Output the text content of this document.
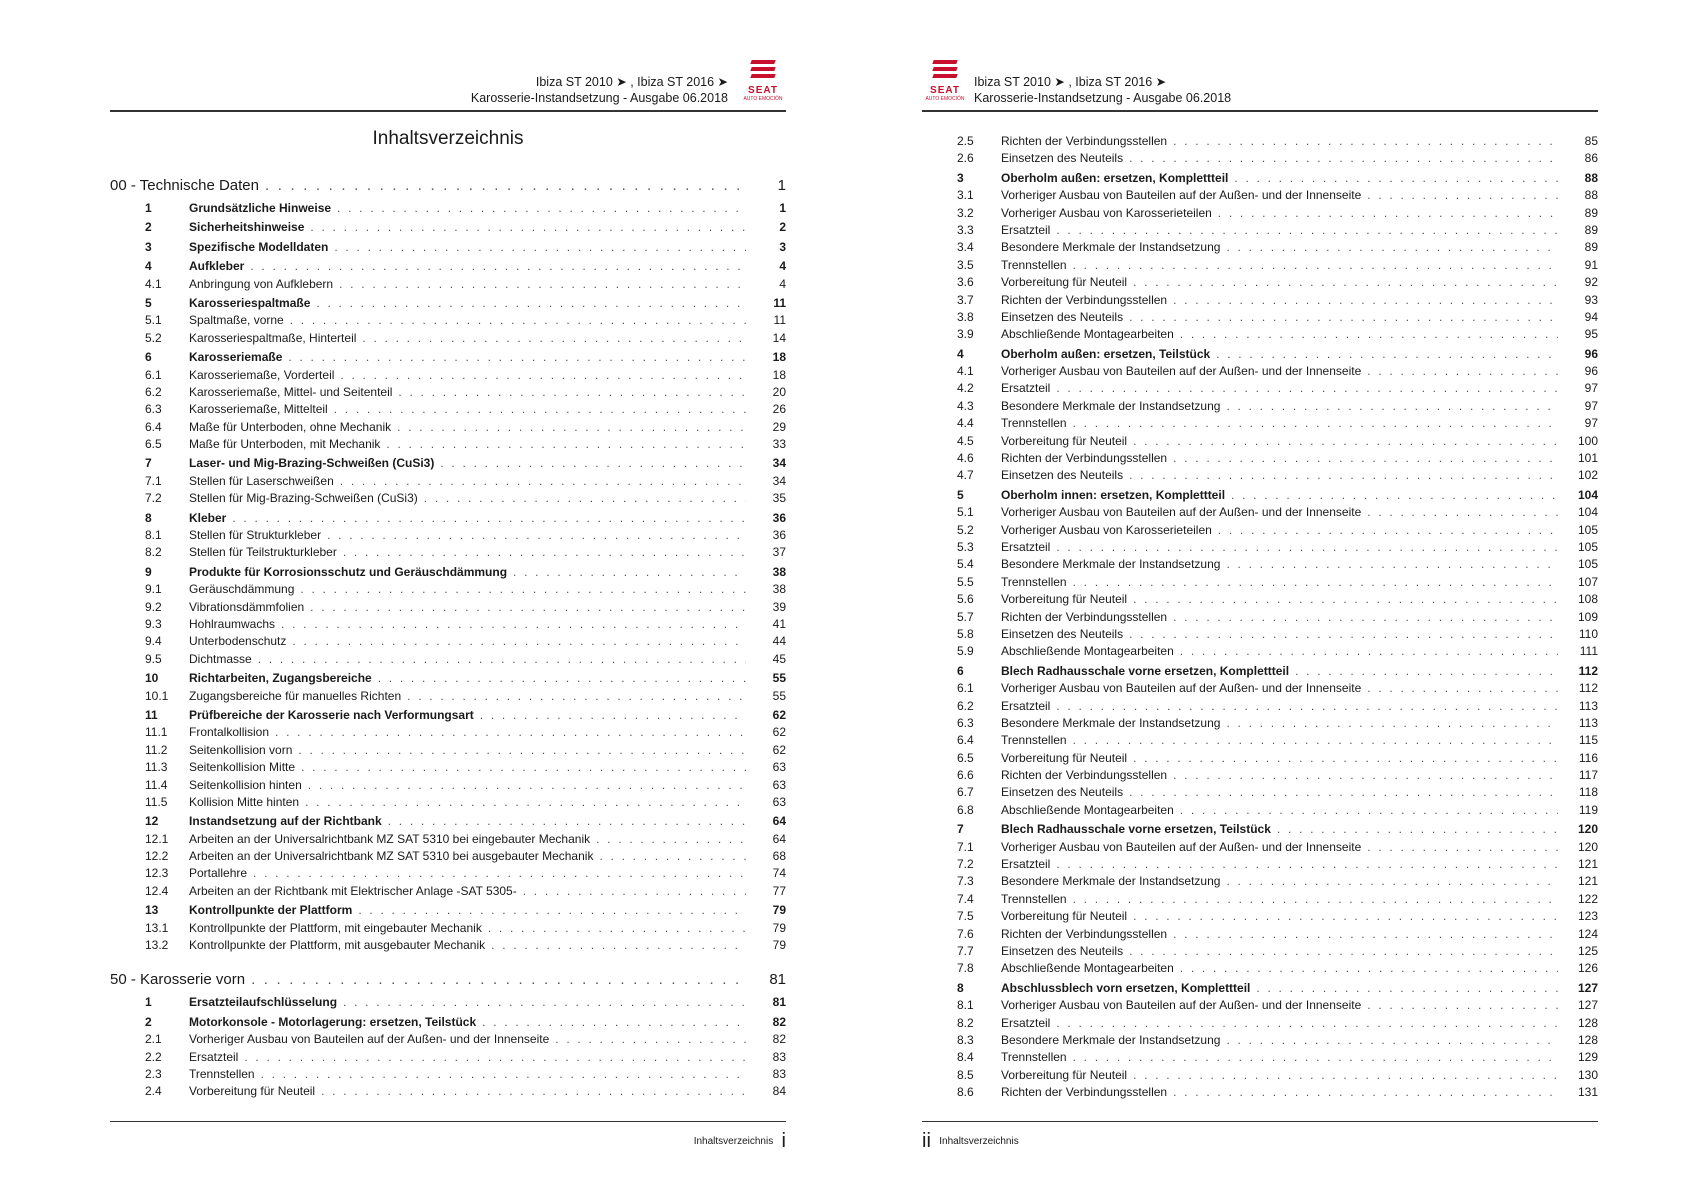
Ibiza ST 2010 ➤ , Ibiza ST 2016 ➤
Karosserie-Instandsetzung - Ausgabe 06.2018
SEAT
AUTO EMOCIÓN
Inhaltsverzeichnis
00 - Technische Daten . . .	1
1	Grundsätzliche Hinweise . . .	1
2	Sicherheitshinweise . . .	2
3	Spezifische Modelldaten . . .	3
4	Aufkleber . . .	4
4.1	Anbringung von Aufklebern . . .	4
5	Karosseriespaltmaße . . .	11
5.1	Spaltmaße, vorne . . .	11
5.2	Karosseriespaltmaße, Hinterteil . . .	14
6	Karosseriemaße . . .	18
6.1	Karosseriemaße, Vorderteil . . .	18
6.2	Karosseriemaße, Mittel- und Seitenteil . . .	20
6.3	Karosseriemaße, Mittelteil . . .	26
6.4	Maße für Unterboden, ohne Mechanik . . .	29
6.5	Maße für Unterboden, mit Mechanik . . .	33
7	Laser- und Mig-Brazing-Schweißen (CuSi3) . . .	34
7.1	Stellen für Laserschweißen . . .	34
7.2	Stellen für Mig-Brazing-Schweißen (CuSi3) . . .	35
8	Kleber . . .	36
8.1	Stellen für Strukturkleber . . .	36
8.2	Stellen für Teilstrukturkleber . . .	37
9	Produkte für Korrosionsschutz und Geräuschdämmung . . .	38
9.1	Geräuschdämmung . . .	38
9.2	Vibrationsdämmfolien . . .	39
9.3	Hohlraumwachs . . .	41
9.4	Unterbodenschutz . . .	44
9.5	Dichtmasse . . .	45
10	Richtarbeiten, Zugangsbereiche . . .	55
10.1	Zugangsbereiche für manuelles Richten . . .	55
11	Prüfbereiche der Karosserie nach Verformungsart . . .	62
11.1	Frontalkollision . . .	62
11.2	Seitenkollision vorn . . .	62
11.3	Seitenkollision Mitte . . .	63
11.4	Seitenkollision hinten . . .	63
11.5	Kollision Mitte hinten . . .	63
12	Instandsetzung auf der Richtbank . . .	64
12.1	Arbeiten an der Universalrichtbank MZ SAT 5310 bei eingebauter Mechanik . . .	64
12.2	Arbeiten an der Universalrichtbank MZ SAT 5310 bei ausgebauter Mechanik . . .	68
12.3	Portallehre . . .	74
12.4	Arbeiten an der Richtbank mit Elektrischer Anlage -SAT 5305- . . .	77
13	Kontrollpunkte der Plattform . . .	79
13.1	Kontrollpunkte der Plattform, mit eingebauter Mechanik . . .	79
13.2	Kontrollpunkte der Plattform, mit ausgebauter Mechanik . . .	79
50 - Karosserie vorn . . .	81
1	Ersatzteilaufschlüsselung . . .	81
2	Motorkonsole - Motorlagerung: ersetzen, Teilstück . . .	82
2.1	Vorheriger Ausbau von Bauteilen auf der Außen- und der Innenseite . . .	82
2.2	Ersatzteil . . .	83
2.3	Trennstellen . . .	83
2.4	Vorbereitung für Neuteil . . .	84
Inhaltsverzeichnis i
SEAT
AUTO EMOCIÓN
Ibiza ST 2010 ➤ , Ibiza ST 2016 ➤
Karosserie-Instandsetzung - Ausgabe 06.2018
2.5	Richten der Verbindungsstellen . . .	85
2.6	Einsetzen des Neuteils . . .	86
3	Oberholm außen: ersetzen, Komplettteil . . .	88
3.1	Vorheriger Ausbau von Bauteilen auf der Außen- und der Innenseite . . .	88
3.2	Vorheriger Ausbau von Karosserieteilen . . .	89
3.3	Ersatzteil . . .	89
3.4	Besondere Merkmale der Instandsetzung . . .	89
3.5	Trennstellen . . .	91
3.6	Vorbereitung für Neuteil . . .	92
3.7	Richten der Verbindungsstellen . . .	93
3.8	Einsetzen des Neuteils . . .	94
3.9	Abschließende Montagearbeiten . . .	95
4	Oberholm außen: ersetzen, Teilstück . . .	96
4.1	Vorheriger Ausbau von Bauteilen auf der Außen- und der Innenseite . . .	96
4.2	Ersatzteil . . .	97
4.3	Besondere Merkmale der Instandsetzung . . .	97
4.4	Trennstellen . . .	97
4.5	Vorbereitung für Neuteil . . .	100
4.6	Richten der Verbindungsstellen . . .	101
4.7	Einsetzen des Neuteils . . .	102
5	Oberholm innen: ersetzen, Komplettteil . . .	104
5.1	Vorheriger Ausbau von Bauteilen auf der Außen- und der Innenseite . . .	104
5.2	Vorheriger Ausbau von Karosserieteilen . . .	105
5.3	Ersatzteil . . .	105
5.4	Besondere Merkmale der Instandsetzung . . .	105
5.5	Trennstellen . . .	107
5.6	Vorbereitung für Neuteil . . .	108
5.7	Richten der Verbindungsstellen . . .	109
5.8	Einsetzen des Neuteils . . .	110
5.9	Abschließende Montagearbeiten . . .	111
6	Blech Radhausschale vorne ersetzen, Komplettteil . . .	112
6.1	Vorheriger Ausbau von Bauteilen auf der Außen- und der Innenseite . . .	112
6.2	Ersatzteil . . .	113
6.3	Besondere Merkmale der Instandsetzung . . .	113
6.4	Trennstellen . . .	115
6.5	Vorbereitung für Neuteil . . .	116
6.6	Richten der Verbindungsstellen . . .	117
6.7	Einsetzen des Neuteils . . .	118
6.8	Abschließende Montagearbeiten . . .	119
7	Blech Radhausschale vorne ersetzen, Teilstück . . .	120
7.1	Vorheriger Ausbau von Bauteilen auf der Außen- und der Innenseite . . .	120
7.2	Ersatzteil . . .	121
7.3	Besondere Merkmale der Instandsetzung . . .	121
7.4	Trennstellen . . .	122
7.5	Vorbereitung für Neuteil . . .	123
7.6	Richten der Verbindungsstellen . . .	124
7.7	Einsetzen des Neuteils . . .	125
7.8	Abschließende Montagearbeiten . . .	126
8	Abschlussblech vorn ersetzen, Komplettteil . . .	127
8.1	Vorheriger Ausbau von Bauteilen auf der Außen- und der Innenseite . . .	127
8.2	Ersatzteil . . .	128
8.3	Besondere Merkmale der Instandsetzung . . .	128
8.4	Trennstellen . . .	129
8.5	Vorbereitung für Neuteil . . .	130
8.6	Richten der Verbindungsstellen . . .	131
ii Inhaltsverzeichnis
